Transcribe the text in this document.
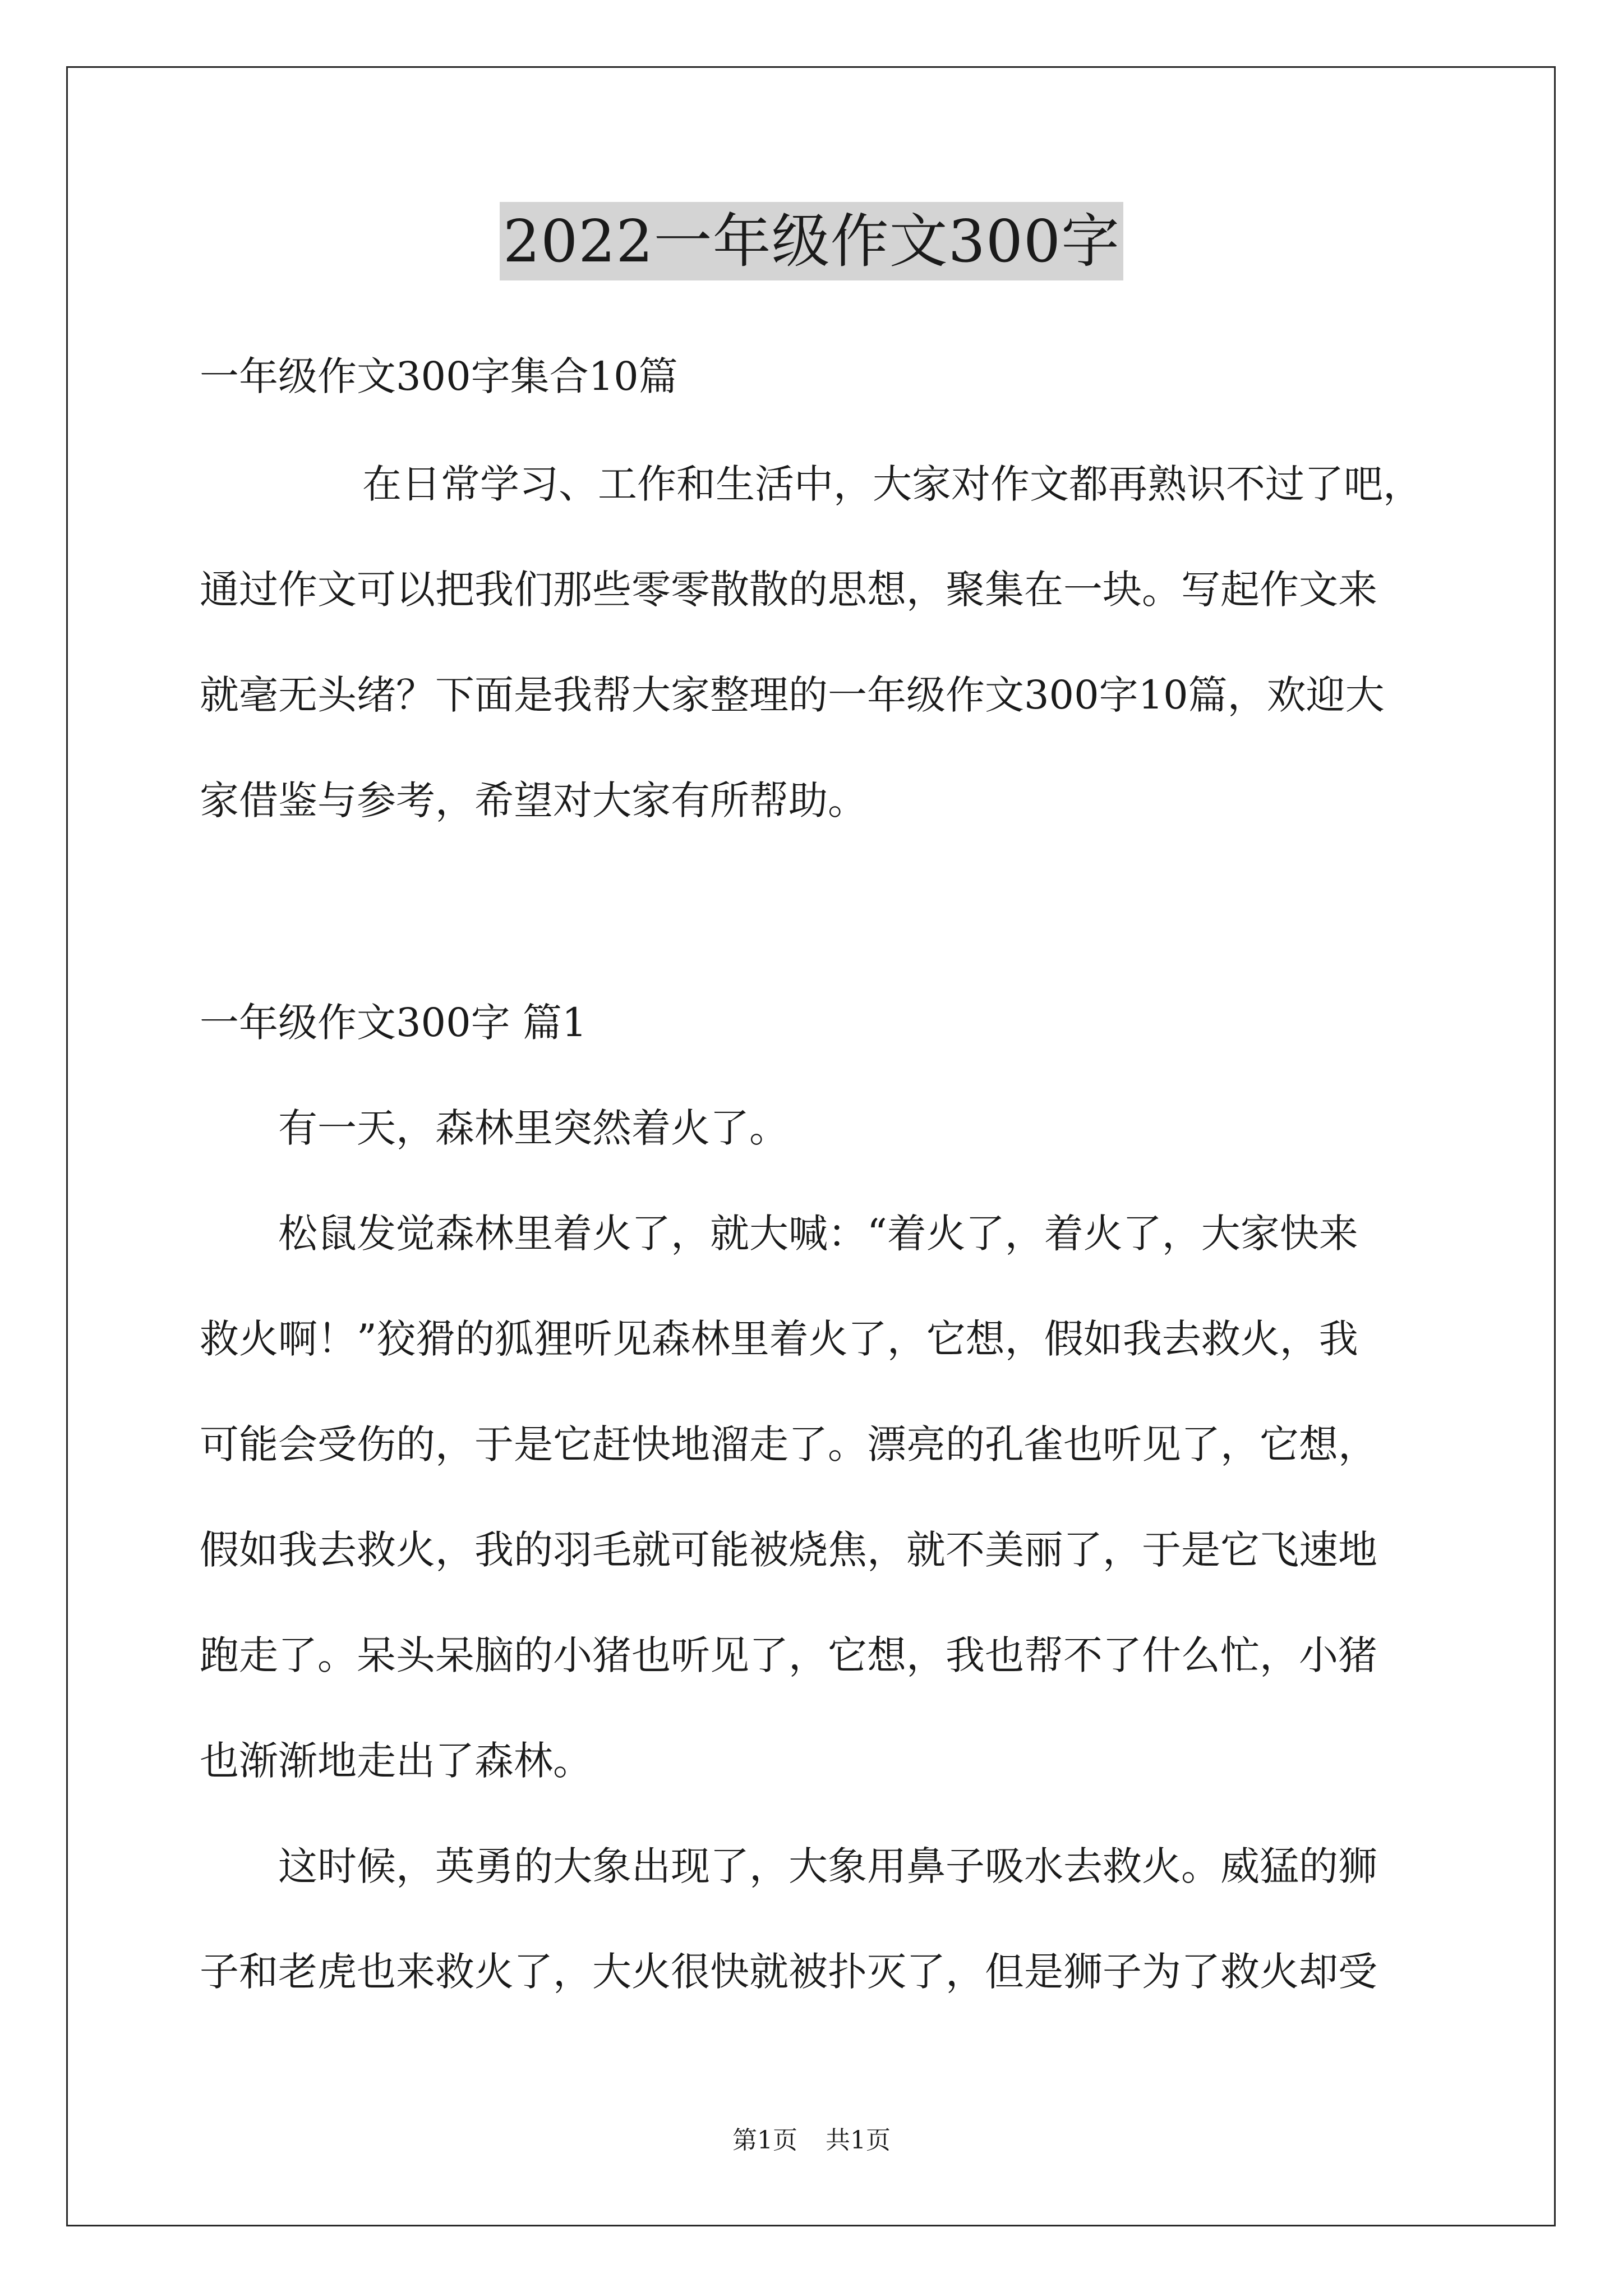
2022一年级作文300字

一年级作文300字集合10篇

在日常学习、工作和生活中，大家对作文都再熟识不过了吧，

通过作文可以把我们那些零零散散的思想，聚集在一块。写起作文来

就毫无头绪？下面是我帮大家整理的一年级作文300字10篇，欢迎大

家借鉴与参考，希望对大家有所帮助。

一年级作文300字 篇1

有一天，森林里突然着火了。

松鼠发觉森林里着火了，就大喊：“着火了，着火了，大家快来

救火啊！”狡猾的狐狸听见森林里着火了，它想，假如我去救火，我

可能会受伤的，于是它赶快地溜走了。漂亮的孔雀也听见了，它想，

假如我去救火，我的羽毛就可能被烧焦，就不美丽了，于是它飞速地

跑走了。呆头呆脑的小猪也听见了，它想，我也帮不了什么忙，小猪

也渐渐地走出了森林。

这时候，英勇的大象出现了，大象用鼻子吸水去救火。威猛的狮

子和老虎也来救火了，大火很快就被扑灭了，但是狮子为了救火却受

第1页 共1页
